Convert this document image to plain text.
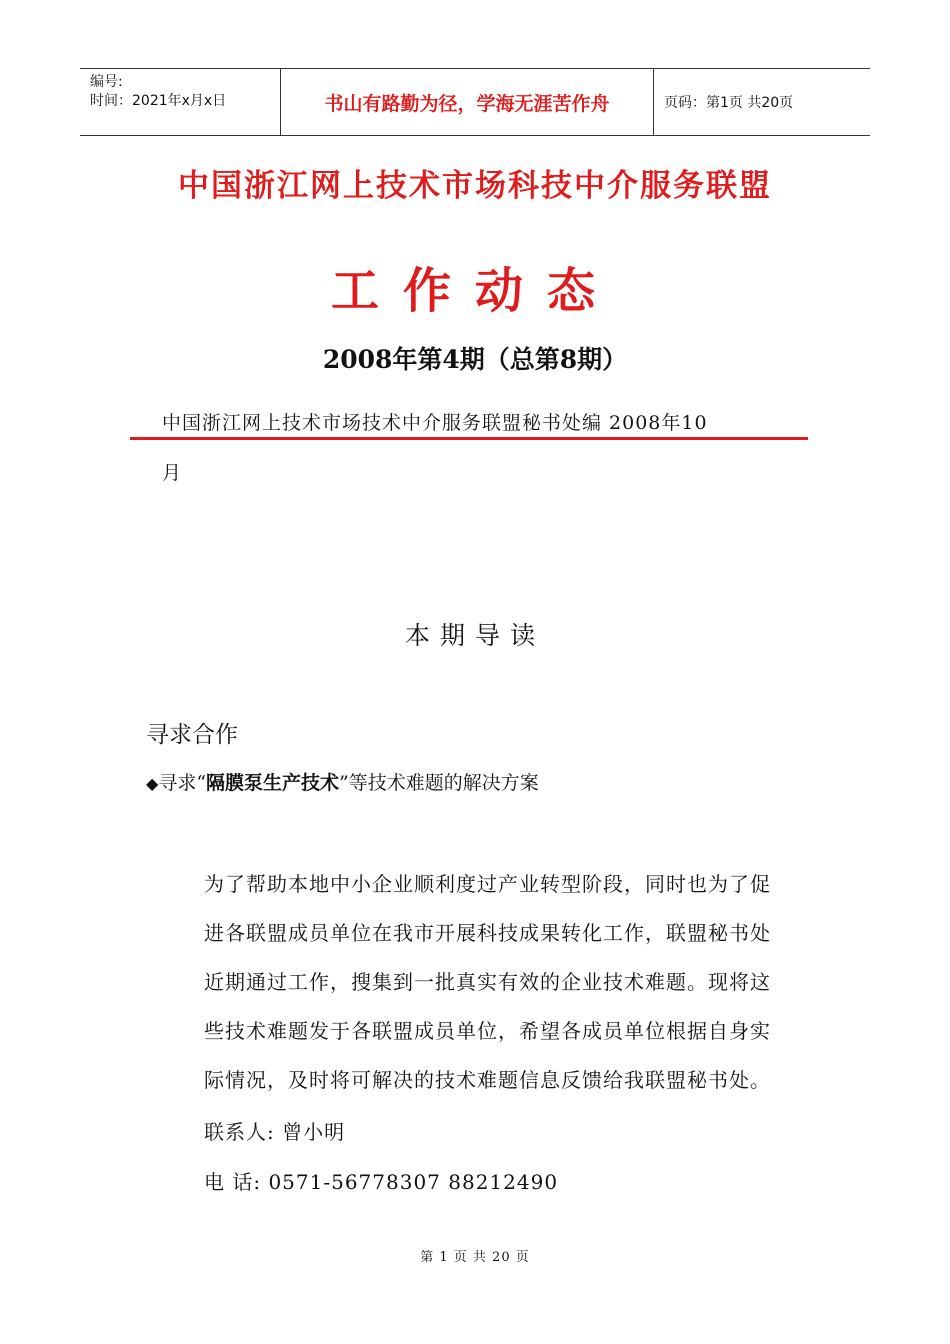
编号:
时间：2021年x月x日	书山有路勤为径，学海无涯苦作舟	页码：第1页 共20页
中国浙江网上技术市场科技中介服务联盟
工作动态
2008年第4期（总第8期）
中国浙江网上技术市场技术中介服务联盟秘书处编 2008年10
月
本期导读
寻求合作
◆寻求“隔膜泵生产技术”等技术难题的解决方案

为了帮助本地中小企业顺利度过产业转型阶段，同时也为了促

进各联盟成员单位在我市开展科技成果转化工作，联盟秘书处

近期通过工作，搜集到一批真实有效的企业技术难题。现将这

些技术难题发于各联盟成员单位，希望各成员单位根据自身实

际情况，及时将可解决的技术难题信息反馈给我联盟秘书处。

联系人: 曾小明
电 话: 0571-56778307 88212490
第 1 页 共 20 页
